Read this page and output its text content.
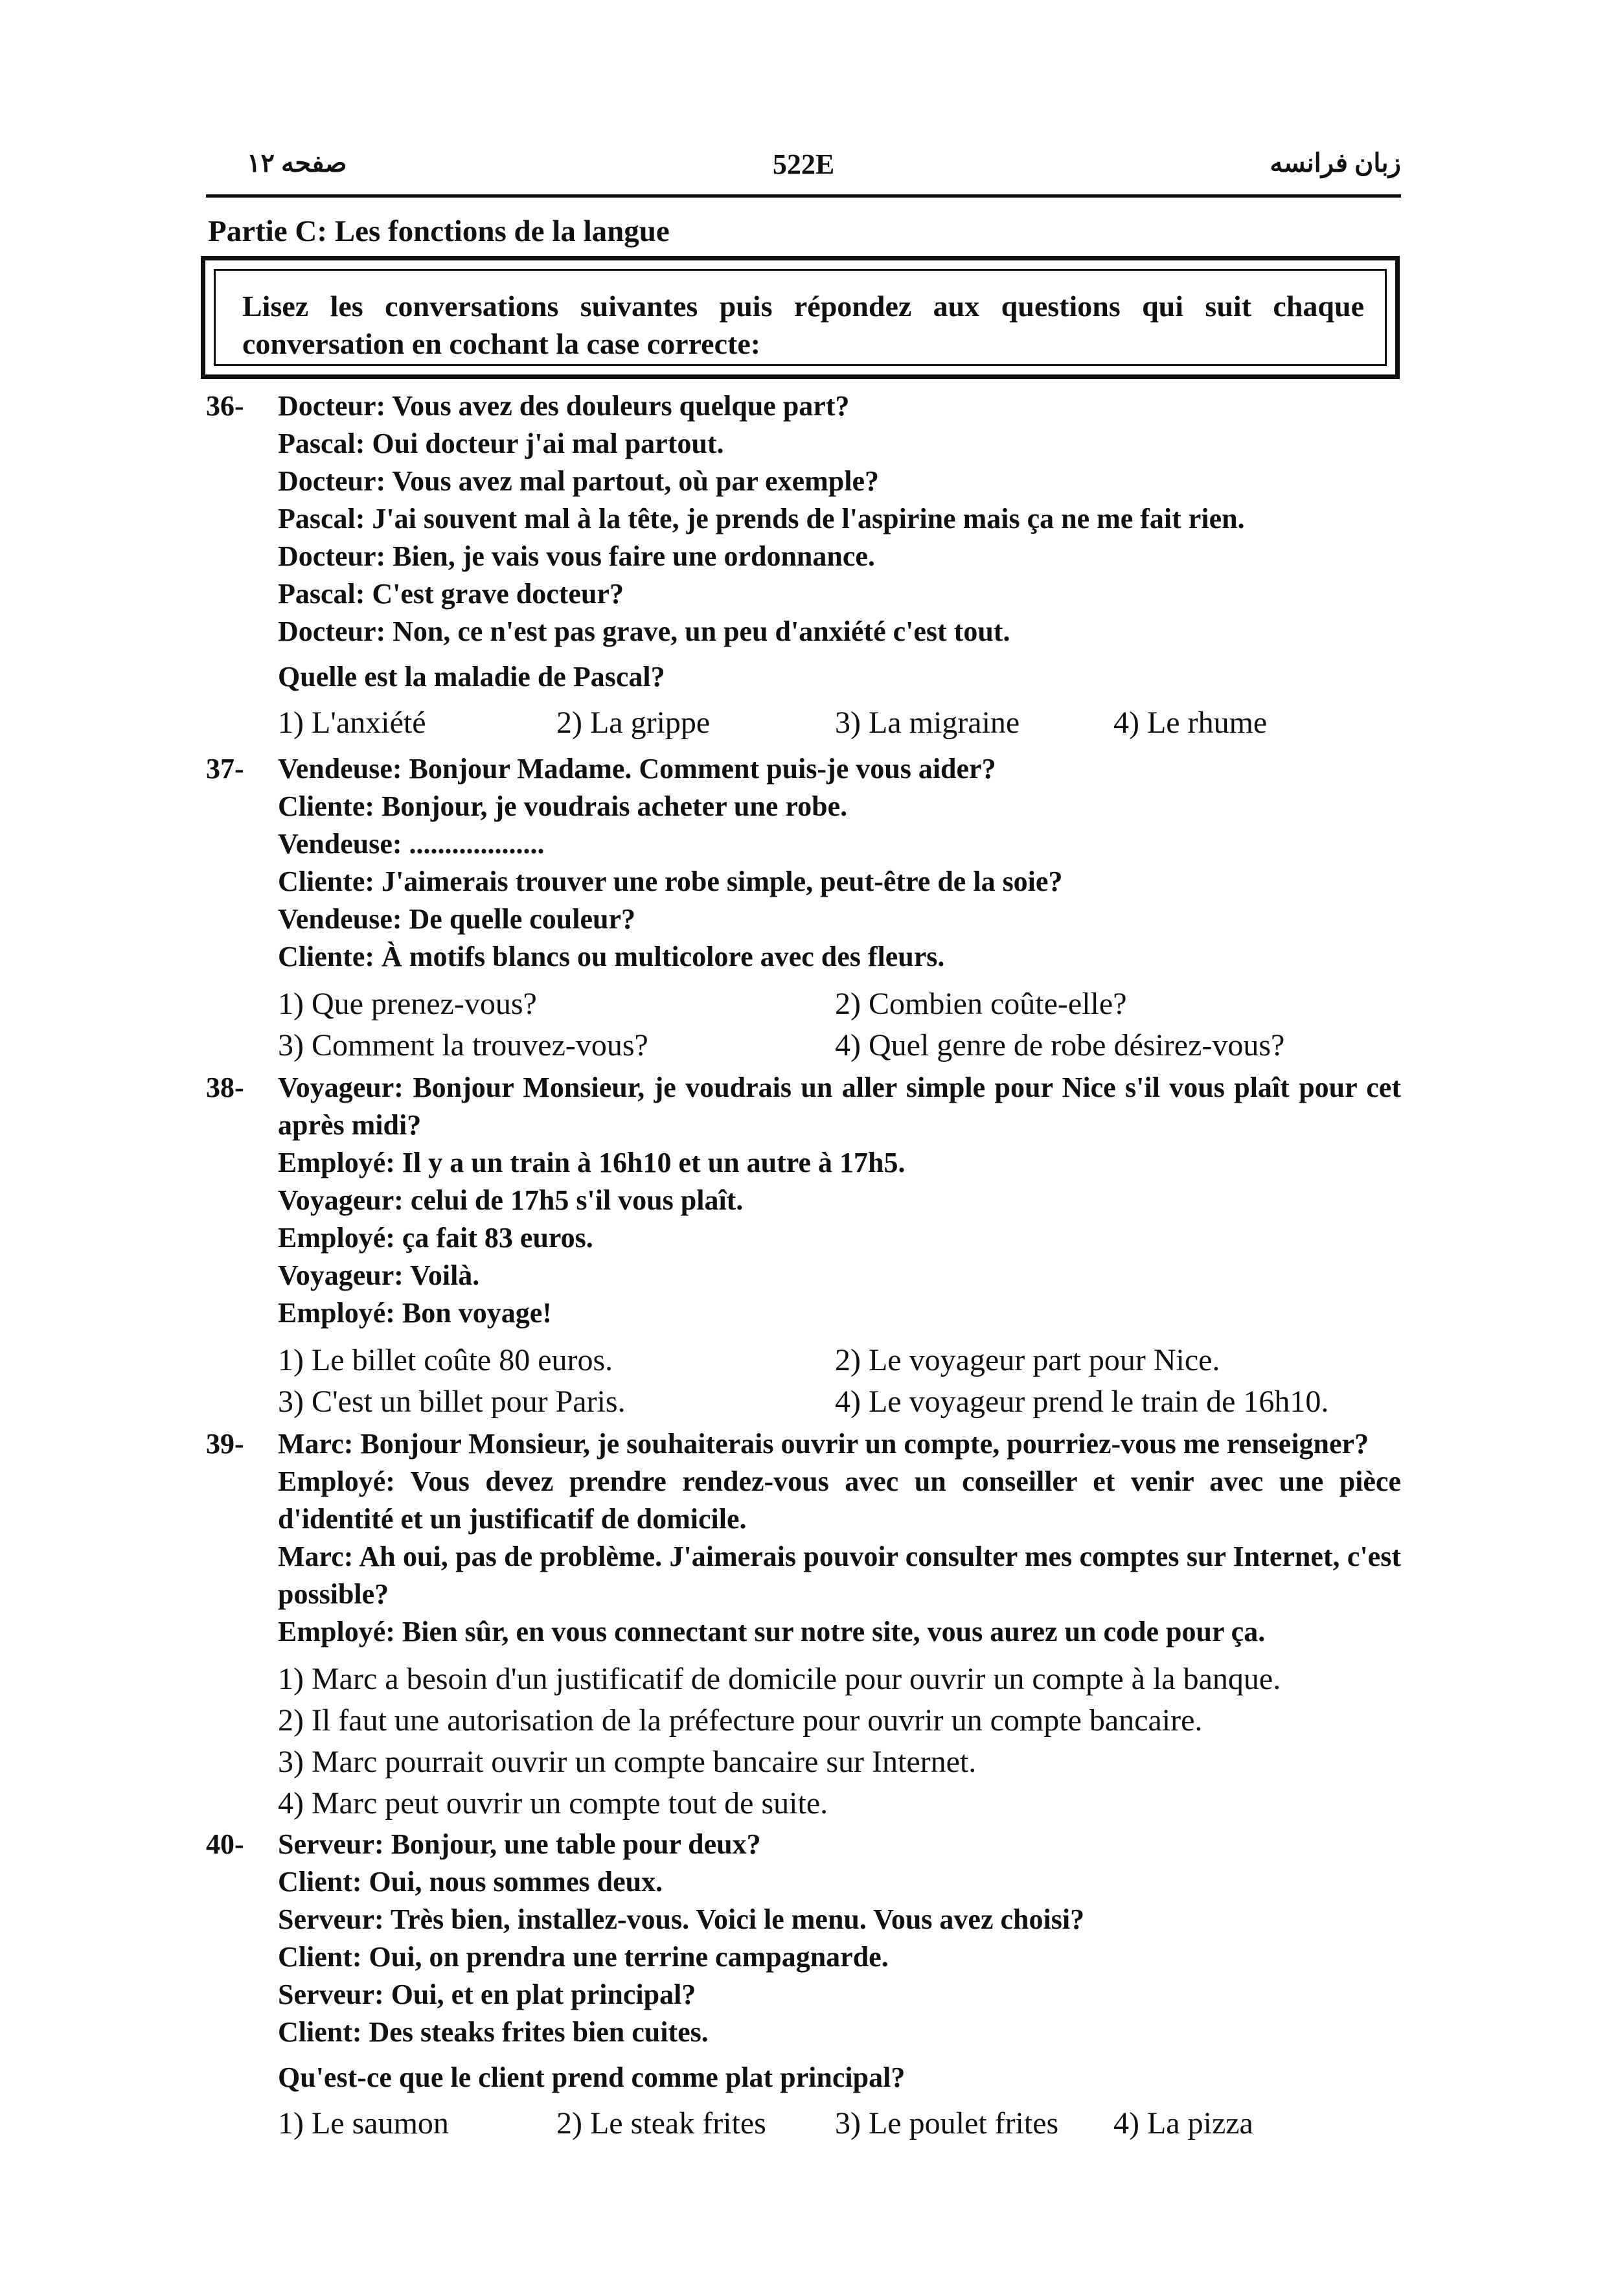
صفحه ۱۲	522E	زبان فرانسه
Partie C: Les fonctions de la langue
Lisez les conversations suivantes puis répondez aux questions qui suit chaque conversation en cochant la case correcte:
36- Docteur: Vous avez des douleurs quelque part?
Pascal: Oui docteur j'ai mal partout.
Docteur: Vous avez mal partout, où par exemple?
Pascal: J'ai souvent mal à la tête, je prends de l'aspirine mais ça ne me fait rien.
Docteur: Bien, je vais vous faire une ordonnance.
Pascal: C'est grave docteur?
Docteur: Non, ce n'est pas grave, un peu d'anxiété c'est tout.
Quelle est la maladie de Pascal?
1) L'anxiété	2) La grippe	3) La migraine	4) Le rhume
37- Vendeuse: Bonjour Madame. Comment puis-je vous aider?
Cliente: Bonjour, je voudrais acheter une robe.
Vendeuse: ...................
Cliente: J'aimerais trouver une robe simple, peut-être de la soie?
Vendeuse: De quelle couleur?
Cliente: À motifs blancs ou multicolore avec des fleurs.
1) Que prenez-vous?	2) Combien coûte-elle?
3) Comment la trouvez-vous?	4) Quel genre de robe désirez-vous?
38- Voyageur: Bonjour Monsieur, je voudrais un aller simple pour Nice s'il vous plaît pour cet après midi?
Employé: Il y a un train à 16h10 et un autre à 17h5.
Voyageur: celui de 17h5 s'il vous plaît.
Employé: ça fait 83 euros.
Voyageur: Voilà.
Employé: Bon voyage!
1) Le billet coûte 80 euros.	2) Le voyageur part pour Nice.
3) C'est un billet pour Paris.	4) Le voyageur prend le train de 16h10.
39- Marc: Bonjour Monsieur, je souhaiterais ouvrir un compte, pourriez-vous me renseigner?
Employé: Vous devez prendre rendez-vous avec un conseiller et venir avec une pièce d'identité et un justificatif de domicile.
Marc: Ah oui, pas de problème. J'aimerais pouvoir consulter mes comptes sur Internet, c'est possible?
Employé: Bien sûr, en vous connectant sur notre site, vous aurez un code pour ça.
1) Marc a besoin d'un justificatif de domicile pour ouvrir un compte à la banque.
2) Il faut une autorisation de la préfecture pour ouvrir un compte bancaire.
3) Marc pourrait ouvrir un compte bancaire sur Internet.
4) Marc peut ouvrir un compte tout de suite.
40- Serveur: Bonjour, une table pour deux?
Client: Oui, nous sommes deux.
Serveur: Très bien, installez-vous. Voici le menu. Vous avez choisi?
Client: Oui, on prendra une terrine campagnarde.
Serveur: Oui, et en plat principal?
Client: Des steaks frites bien cuites.
Qu'est-ce que le client prend comme plat principal?
1) Le saumon	2) Le steak frites	3) Le poulet frites	4) La pizza
